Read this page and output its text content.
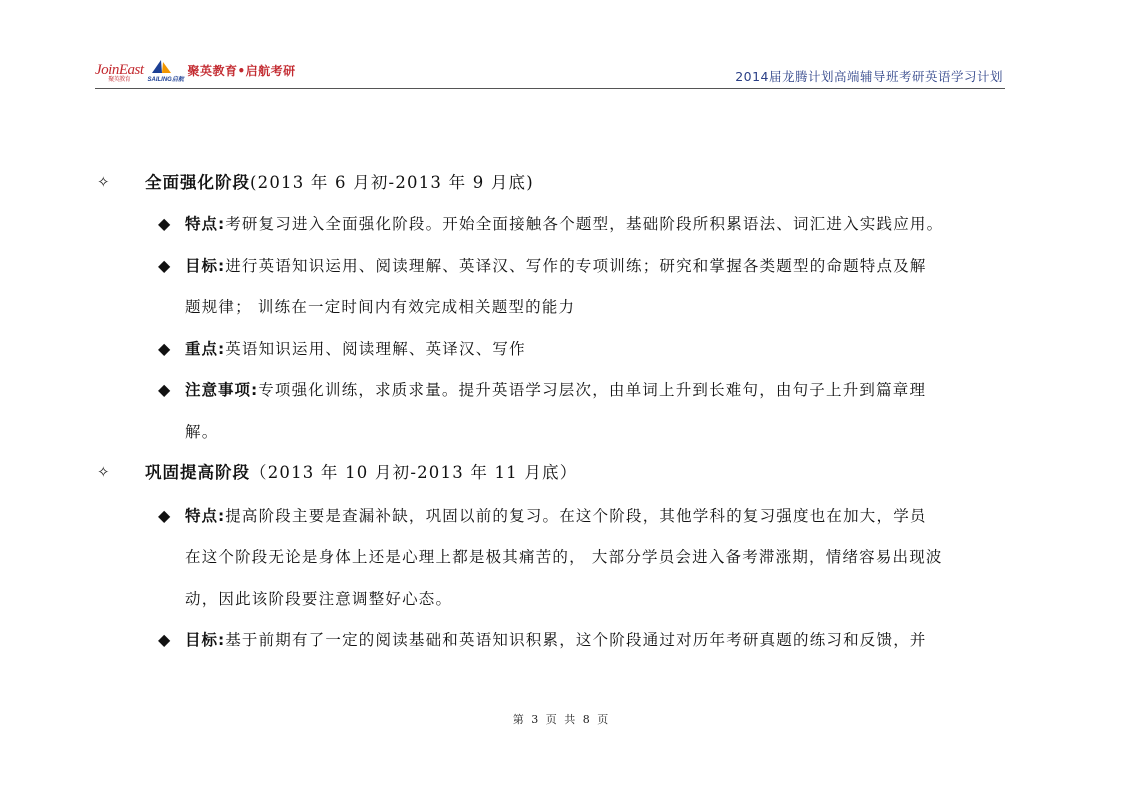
JoinEast
聚英教育	SAILING启航
聚英教育•启航考研	2014届龙腾计划高端辅导班考研英语学习计划
✧ 全面强化阶段(2013 年 6 月初-2013 年 9 月底)
◆ 特点:考研复习进入全面强化阶段。开始全面接触各个题型，基础阶段所积累语法、词汇进入实践应用。
◆ 目标:进行英语知识运用、阅读理解、英译汉、写作的专项训练；研究和掌握各类题型的命题特点及解
题规律； 训练在一定时间内有效完成相关题型的能力
◆ 重点:英语知识运用、阅读理解、英译汉、写作
◆ 注意事项:专项强化训练，求质求量。提升英语学习层次，由单词上升到长难句，由句子上升到篇章理
解。
✧ 巩固提高阶段（2013 年 10 月初-2013 年 11 月底）
◆ 特点:提高阶段主要是查漏补缺，巩固以前的复习。在这个阶段，其他学科的复习强度也在加大，学员
在这个阶段无论是身体上还是心理上都是极其痛苦的， 大部分学员会进入备考滞涨期，情绪容易出现波
动，因此该阶段要注意调整好心态。
◆ 目标:基于前期有了一定的阅读基础和英语知识积累，这个阶段通过对历年考研真题的练习和反馈，并
第 3 页 共 8 页
